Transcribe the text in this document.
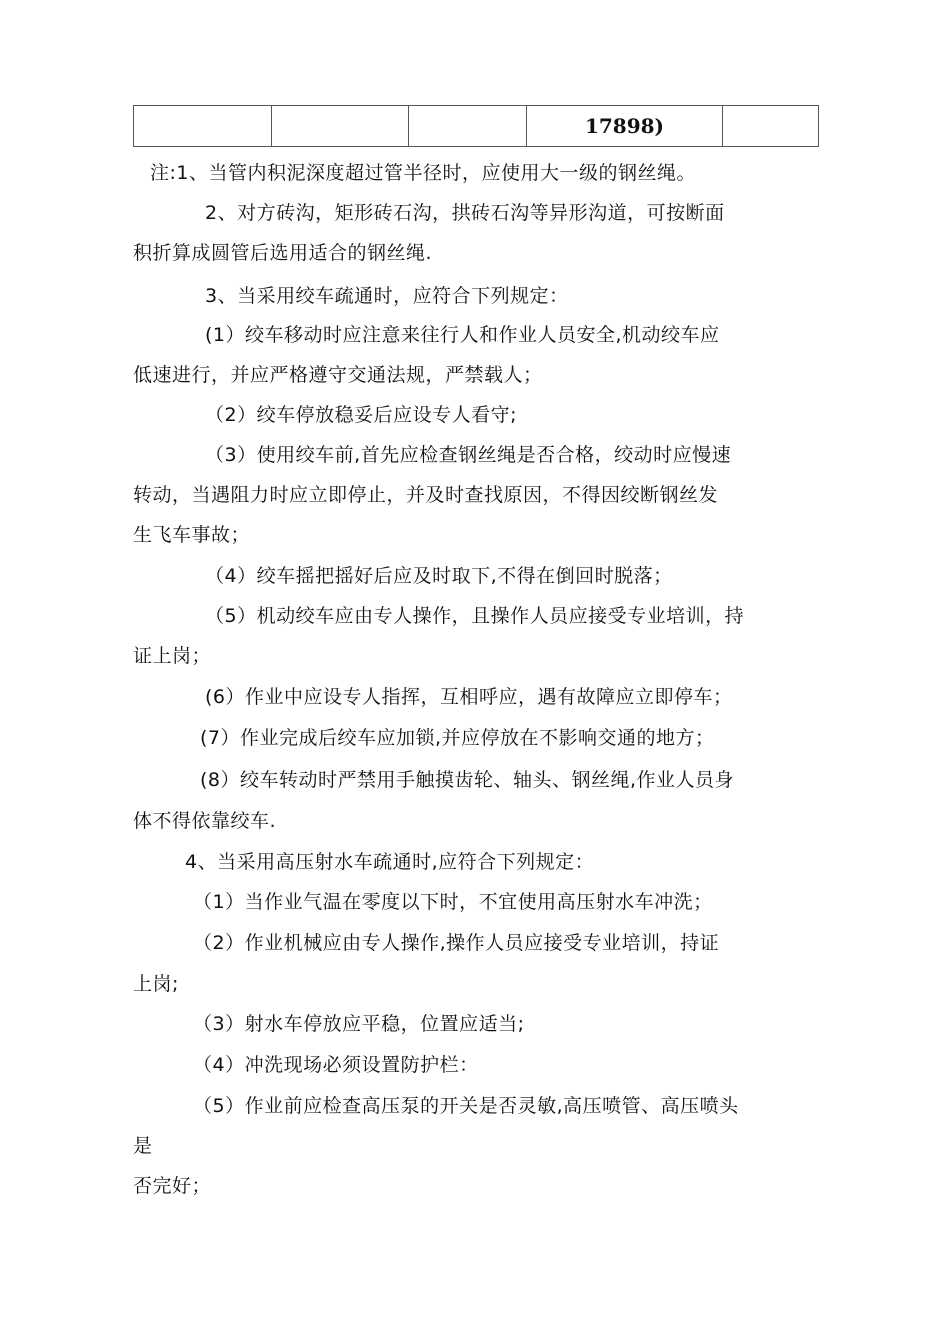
			17898)	
注:1、当管内积泥深度超过管半径时，应使用大一级的钢丝绳。
2、对方砖沟，矩形砖石沟，拱砖石沟等异形沟道，可按断面
积折算成圆管后选用适合的钢丝绳.
3、当采用绞车疏通时，应符合下列规定：
(1）绞车移动时应注意来往行人和作业人员安全,机动绞车应
低速进行，并应严格遵守交通法规，严禁载人；
（2）绞车停放稳妥后应设专人看守;
（3）使用绞车前,首先应检查钢丝绳是否合格，绞动时应慢速
转动，当遇阻力时应立即停止，并及时查找原因，不得因绞断钢丝发
生飞车事故；
（4）绞车摇把摇好后应及时取下,不得在倒回时脱落；
（5）机动绞车应由专人操作，且操作人员应接受专业培训，持
证上岗；
(6）作业中应设专人指挥，互相呼应，遇有故障应立即停车；
(7）作业完成后绞车应加锁,并应停放在不影响交通的地方；
(8）绞车转动时严禁用手触摸齿轮、轴头、钢丝绳,作业人员身
体不得依靠绞车.
4、当采用高压射水车疏通时,应符合下列规定：
（1）当作业气温在零度以下时，不宜使用高压射水车冲洗；
（2）作业机械应由专人操作,操作人员应接受专业培训，持证
上岗;
（3）射水车停放应平稳，位置应适当;
（4）冲洗现场必须设置防护栏：
（5）作业前应检查高压泵的开关是否灵敏,高压喷管、高压喷头
是
否完好；
